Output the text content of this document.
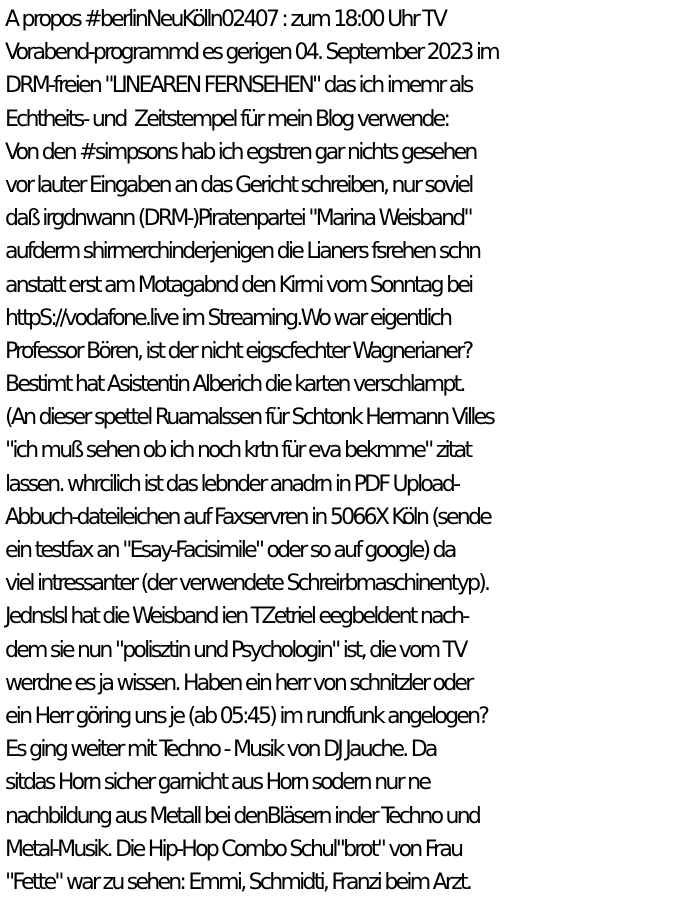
A propos #berlinNeuKölln02407 : zum 18:00 Uhr TV
Vorabend-programmd es gerigen 04. September 2023 im
DRM-freien "LINEAREN FERNSEHEN" das ich imemr als
Echtheits- und  Zeitstempel für mein Blog verwende:
Von den #simpsons hab ich egstren gar nichts gesehen
vor lauter Eingaben an das Gericht schreiben, nur soviel
daß irgdnwann (DRM-)Piratenpartei "Marina Weisband"
aufderm shirmerchinderjenigen die Lianers fsrehen schn
anstatt erst am Motagabnd den Kirmi vom Sonntag bei
httpS://vodafone.live im Streaming.Wo war eigentlich
Professor Bören, ist der nicht eigscfechter Wagnerianer?
Bestimt hat Asistentin Alberich die karten verschlampt.
(An dieser spettel Ruamalssen für Schtonk Hermann Villes
"ich muß sehen ob ich noch krtn für eva bekmme" zitat
lassen. whrcilich ist das lebnder anadrn in PDF Upload-
Abbuch-dateileichen auf Faxservren in 5066X Köln (sende
ein testfax an "Esay-Facisimile" oder so auf google) da
viel intressanter (der verwendete Schreirbmaschinentyp).
Jednslsl hat die Weisband ien TZetriel eegbeldent nach-
dem sie nun "polisztin und Psychologin" ist, die vom TV
werdne es ja wissen. Haben ein herr von schnitzler oder
ein Herr göring uns je (ab 05:45) im rundfunk angelogen?
Es ging weiter mit Techno - Musik von DJ Jauche. Da
sitdas Horn sicher garnicht aus Horn sodern nur ne
nachbildung aus Metall bei denBläsern inder Techno und
Metal-Musik. Die Hip-Hop Combo Schul"brot" von Frau
"Fette" war zu sehen: Emmi, Schmidti, Franzi beim Arzt.
